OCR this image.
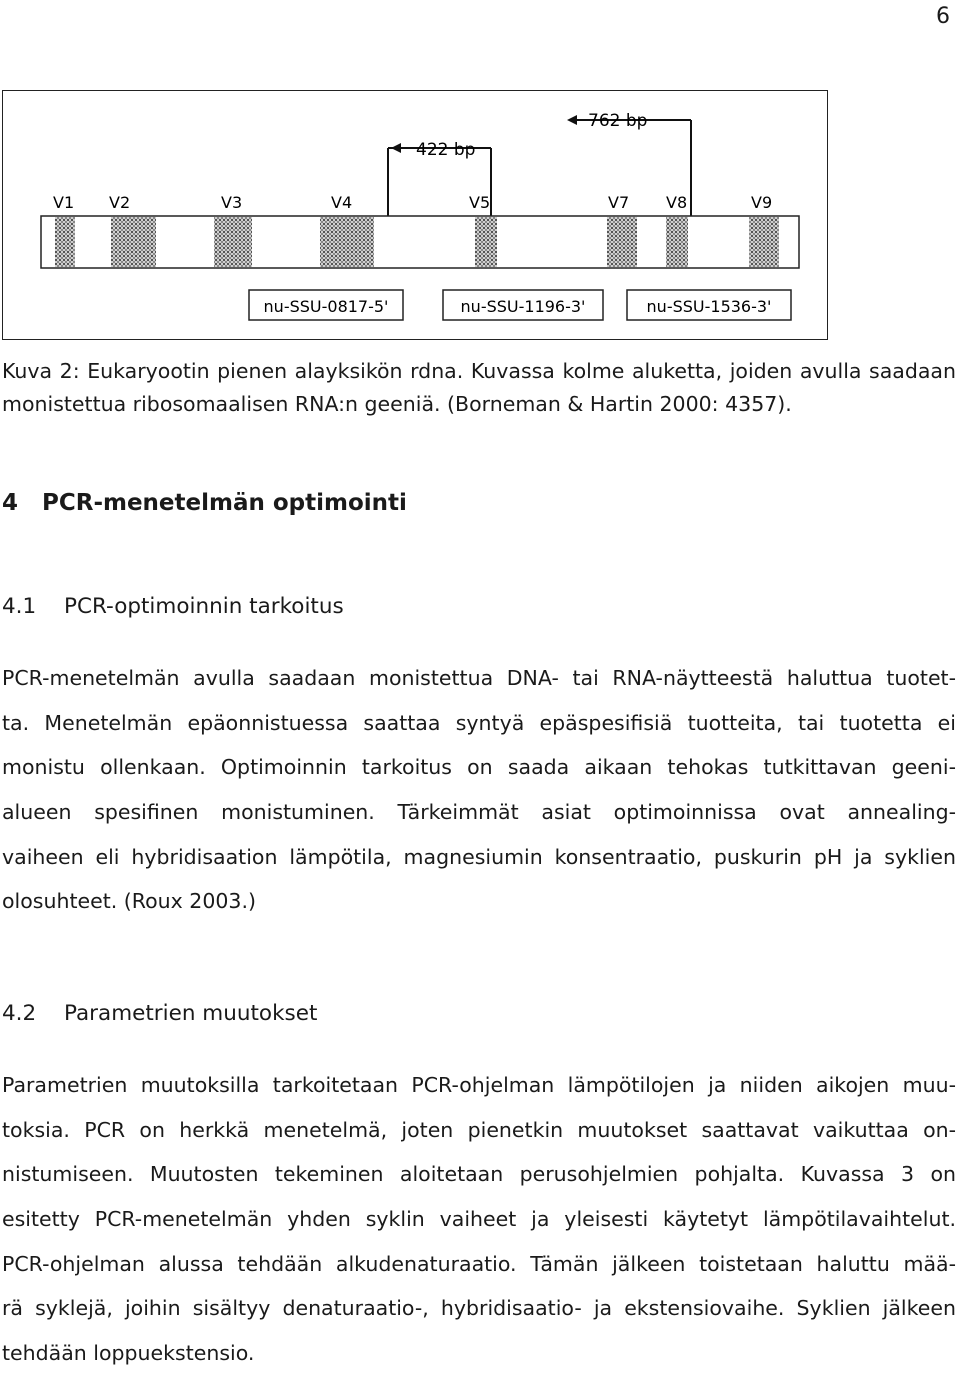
6
762 bp
422 bp
V1 V2	V3	V4	V5	V7 V8	V9
nu-SSU-0817-5'	nu-SSU-1196-3'	nu-SSU-1536-3'
Kuva 2: Eukaryootin pienen alayksikön rdna. Kuvassa kolme aluketta, joiden avulla saadaan monistettua ribosomaalisen RNA:n geeniä. (Borneman & Hartin 2000: 4357).
4 PCR-menetelmän optimointi
4.1 PCR-optimoinnin tarkoitus
PCR-menetelmän avulla saadaan monistettua DNA- tai RNA-näytteestä haluttua tuotet-
ta. Menetelmän epäonnistuessa saattaa syntyä epäspesifisiä tuotteita, tai tuotetta ei
monistu ollenkaan. Optimoinnin tarkoitus on saada aikaan tehokas tutkittavan geeni-
alueen spesifinen monistuminen. Tärkeimmät asiat optimoinnissa ovat annealing-
vaiheen eli hybridisaation lämpötila, magnesiumin konsentraatio, puskurin pH ja syklien
olosuhteet. (Roux 2003.)
4.2 Parametrien muutokset
Parametrien muutoksilla tarkoitetaan PCR-ohjelman lämpötilojen ja niiden aikojen muu-
toksia. PCR on herkkä menetelmä, joten pienetkin muutokset saattavat vaikuttaa on-
nistumiseen. Muutosten tekeminen aloitetaan perusohjelmien pohjalta. Kuvassa 3 on
esitetty PCR-menetelmän yhden syklin vaiheet ja yleisesti käytetyt lämpötilavaihtelut.
PCR-ohjelman alussa tehdään alkudenaturaatio. Tämän jälkeen toistetaan haluttu mää-
rä syklejä, joihin sisältyy denaturaatio-, hybridisaatio- ja ekstensiovaihe. Syklien jälkeen
tehdään loppuekstensio.
